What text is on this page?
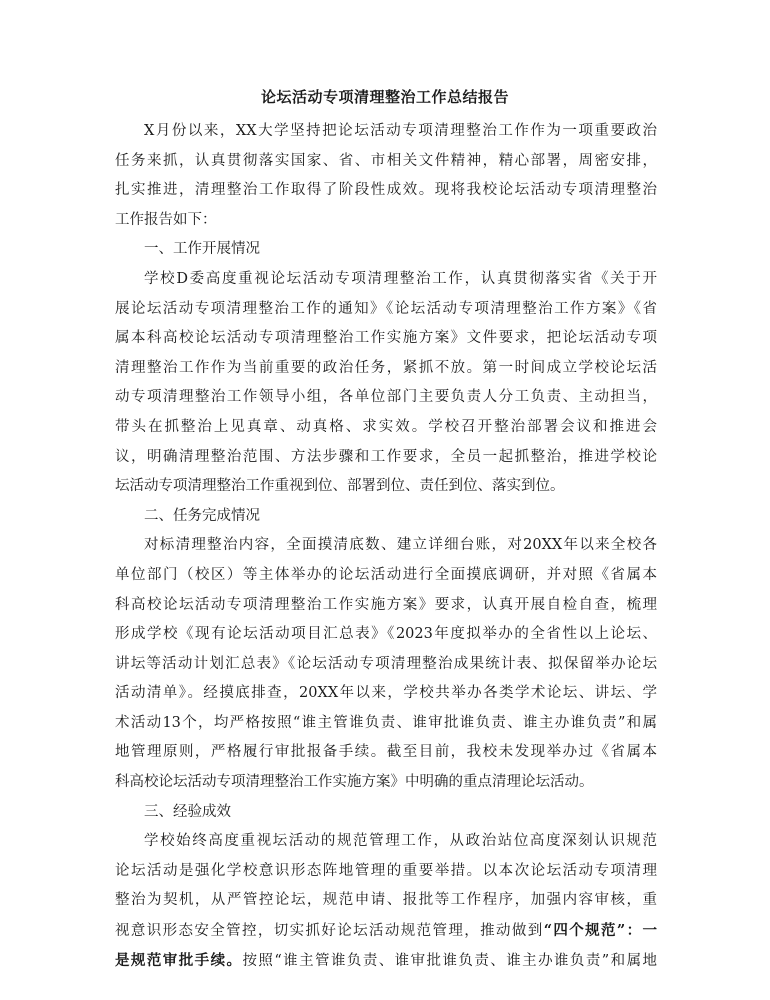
论坛活动专项清理整治工作总结报告
X月份以来，XX大学坚持把论坛活动专项清理整治工作作为一项重要政治
任务来抓，认真贯彻落实国家、省、市相关文件精神，精心部署，周密安排，
扎实推进，清理整治工作取得了阶段性成效。现将我校论坛活动专项清理整治
工作报告如下：
一、工作开展情况
学校D委高度重视论坛活动专项清理整治工作，认真贯彻落实省《关于开
展论坛活动专项清理整治工作的通知》《论坛活动专项清理整治工作方案》《省
属本科高校论坛活动专项清理整治工作实施方案》文件要求，把论坛活动专项
清理整治工作作为当前重要的政治任务，紧抓不放。第一时间成立学校论坛活
动专项清理整治工作领导小组，各单位部门主要负责人分工负责、主动担当，
带头在抓整治上见真章、动真格、求实效。学校召开整治部署会议和推进会
议，明确清理整治范围、方法步骤和工作要求，全员一起抓整治，推进学校论
坛活动专项清理整治工作重视到位、部署到位、责任到位、落实到位。
二、任务完成情况
对标清理整治内容，全面摸清底数、建立详细台账，对20XX年以来全校各
单位部门（校区）等主体举办的论坛活动进行全面摸底调研，并对照《省属本
科高校论坛活动专项清理整治工作实施方案》要求，认真开展自检自查，梳理
形成学校《现有论坛活动项目汇总表》《2023年度拟举办的全省性以上论坛、
讲坛等活动计划汇总表》《论坛活动专项清理整治成果统计表、拟保留举办论坛
活动清单》。经摸底排查，20XX年以来，学校共举办各类学术论坛、讲坛、学
术活动13个，均严格按照“谁主管谁负责、谁审批谁负责、谁主办谁负责”和属
地管理原则，严格履行审批报备手续。截至目前，我校未发现举办过《省属本
科高校论坛活动专项清理整治工作实施方案》中明确的重点清理论坛活动。
三、经验成效
学校始终高度重视坛活动的规范管理工作，从政治站位高度深刻认识规范
论坛活动是强化学校意识形态阵地管理的重要举措。以本次论坛活动专项清理
整治为契机，从严管控论坛，规范申请、报批等工作程序，加强内容审核，重
视意识形态安全管控，切实抓好论坛活动规范管理，推动做到“四个规范”：一
是规范审批手续。按照“谁主管谁负责、谁审批谁负责、谁主办谁负责”和属地
